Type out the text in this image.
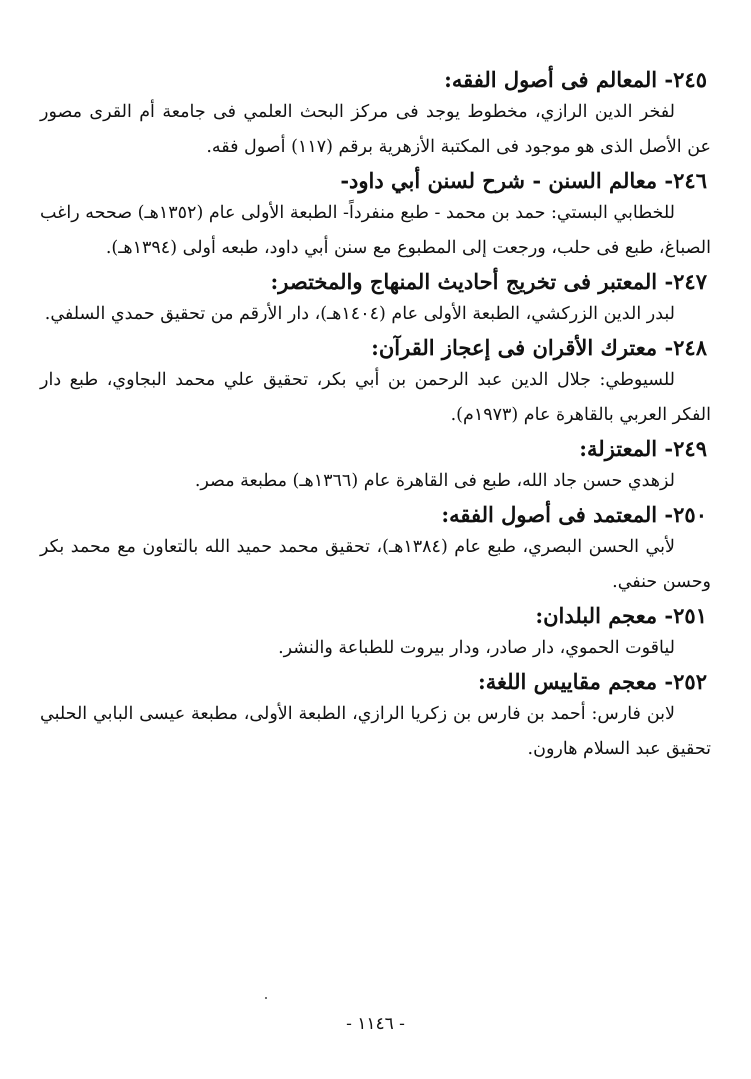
٢٤٥- المعالم فى أصول الفقه:

لفخر الدين الرازي، مخطوط يوجد فى مركز البحث العلمي فى جامعة أم القرى مصور عن الأصل الذى هو موجود فى المكتبة الأزهرية برقم (١١٧) أصول فقه.

٢٤٦- معالم السنن - شرح لسنن أبي داود-

للخطابي البستي: حمد بن محمد - طبع منفرداً- الطبعة الأولى عام (١٣٥٢هـ) صححه راغب الصباغ، طبع فى حلب، ورجعت إلى المطبوع مع سنن أبي داود، طبعه أولى (١٣٩٤هـ).

٢٤٧- المعتبر فى تخريج أحاديث المنهاج والمختصر:

لبدر الدين الزركشي، الطبعة الأولى عام (١٤٠٤هـ)، دار الأرقم من تحقيق حمدي السلفي.

٢٤٨- معترك الأقران فى إعجاز القرآن:

للسيوطي: جلال الدين عبد الرحمن بن أبي بكر، تحقيق علي محمد البجاوي، طبع دار الفكر العربي بالقاهرة عام (١٩٧٣م).

٢٤٩- المعتزلة:

لزهدي حسن جاد الله، طبع فى القاهرة عام (١٣٦٦هـ) مطبعة مصر.

٢٥٠- المعتمد فى أصول الفقه:

لأبي الحسن البصري، طبع عام (١٣٨٤هـ)، تحقيق محمد حميد الله بالتعاون مع محمد بكر وحسن حنفي.

٢٥١- معجم البلدان:

لياقوت الحموي، دار صادر، ودار بيروت للطباعة والنشر.

٢٥٢- معجم مقاييس اللغة:

لابن فارس: أحمد بن فارس بن زكريا الرازي، الطبعة الأولى، مطبعة عيسى البابي الحلبي تحقيق عبد السلام هارون.

- ١١٤٦ -
